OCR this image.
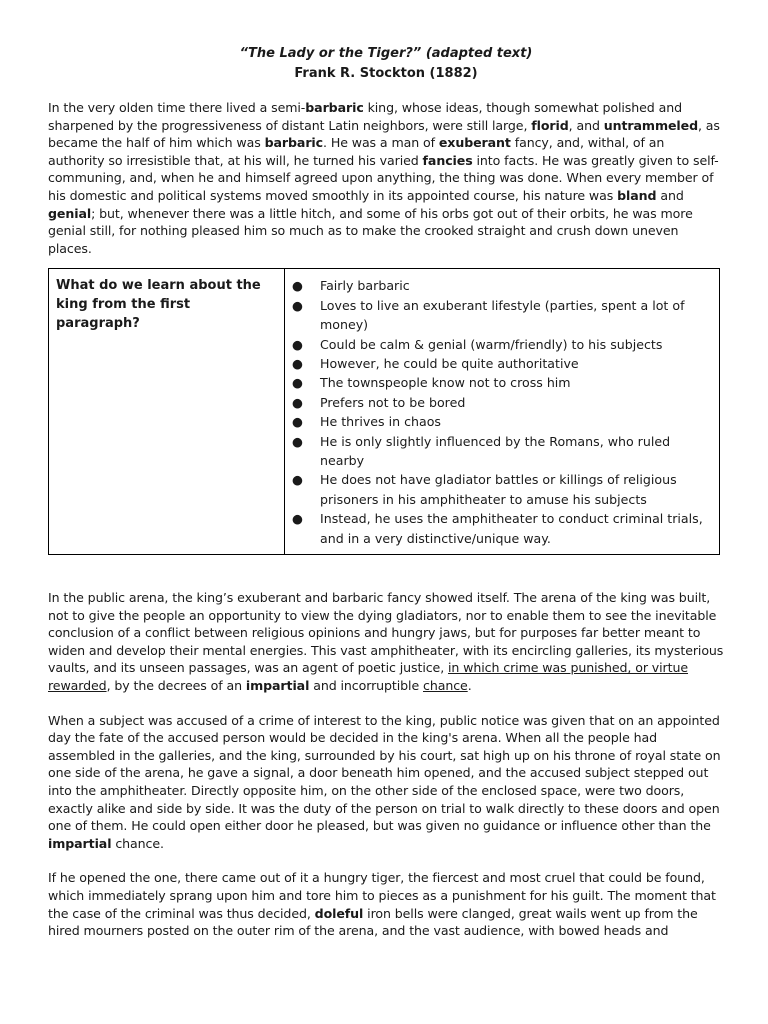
“The Lady or the Tiger?” (adapted text)
Frank R. Stockton (1882)

In the very olden time there lived a semi-barbaric king, whose ideas, though somewhat polished and sharpened by the progressiveness of distant Latin neighbors, were still large, florid, and untrammeled, as became the half of him which was barbaric. He was a man of exuberant fancy, and, withal, of an authority so irresistible that, at his will, he turned his varied fancies into facts. He was greatly given to self-communing, and, when he and himself agreed upon anything, the thing was done. When every member of his domestic and political systems moved smoothly in its appointed course, his nature was bland and genial; but, whenever there was a little hitch, and some of his orbs got out of their orbits, he was more genial still, for nothing pleased him so much as to make the crooked straight and crush down uneven places.

What do we learn about the king from the first paragraph?	
● Fairly barbaric
● Loves to live an exuberant lifestyle (parties, spent a lot of money)
● Could be calm & genial (warm/friendly) to his subjects
● However, he could be quite authoritative
● The townspeople know not to cross him
● Prefers not to be bored
● He thrives in chaos
● He is only slightly influenced by the Romans, who ruled nearby
● He does not have gladiator battles or killings of religious prisoners in his amphitheater to amuse his subjects
● Instead, he uses the amphitheater to conduct criminal trials, and in a very distinctive/unique way.

In the public arena, the king’s exuberant and barbaric fancy showed itself. The arena of the king was built, not to give the people an opportunity to view the dying gladiators, nor to enable them to see the inevitable conclusion of a conflict between religious opinions and hungry jaws, but for purposes far better meant to widen and develop their mental energies. This vast amphitheater, with its encircling galleries, its mysterious vaults, and its unseen passages, was an agent of poetic justice, in which crime was punished, or virtue rewarded, by the decrees of an impartial and incorruptible chance.

When a subject was accused of a crime of interest to the king, public notice was given that on an appointed day the fate of the accused person would be decided in the king's arena. When all the people had assembled in the galleries, and the king, surrounded by his court, sat high up on his throne of royal state on one side of the arena, he gave a signal, a door beneath him opened, and the accused subject stepped out into the amphitheater. Directly opposite him, on the other side of the enclosed space, were two doors, exactly alike and side by side. It was the duty of the person on trial to walk directly to these doors and open one of them. He could open either door he pleased, but was given no guidance or influence other than the impartial chance.

If he opened the one, there came out of it a hungry tiger, the fiercest and most cruel that could be found, which immediately sprang upon him and tore him to pieces as a punishment for his guilt. The moment that the case of the criminal was thus decided, doleful iron bells were clanged, great wails went up from the hired mourners posted on the outer rim of the arena, and the vast audience, with bowed heads and
